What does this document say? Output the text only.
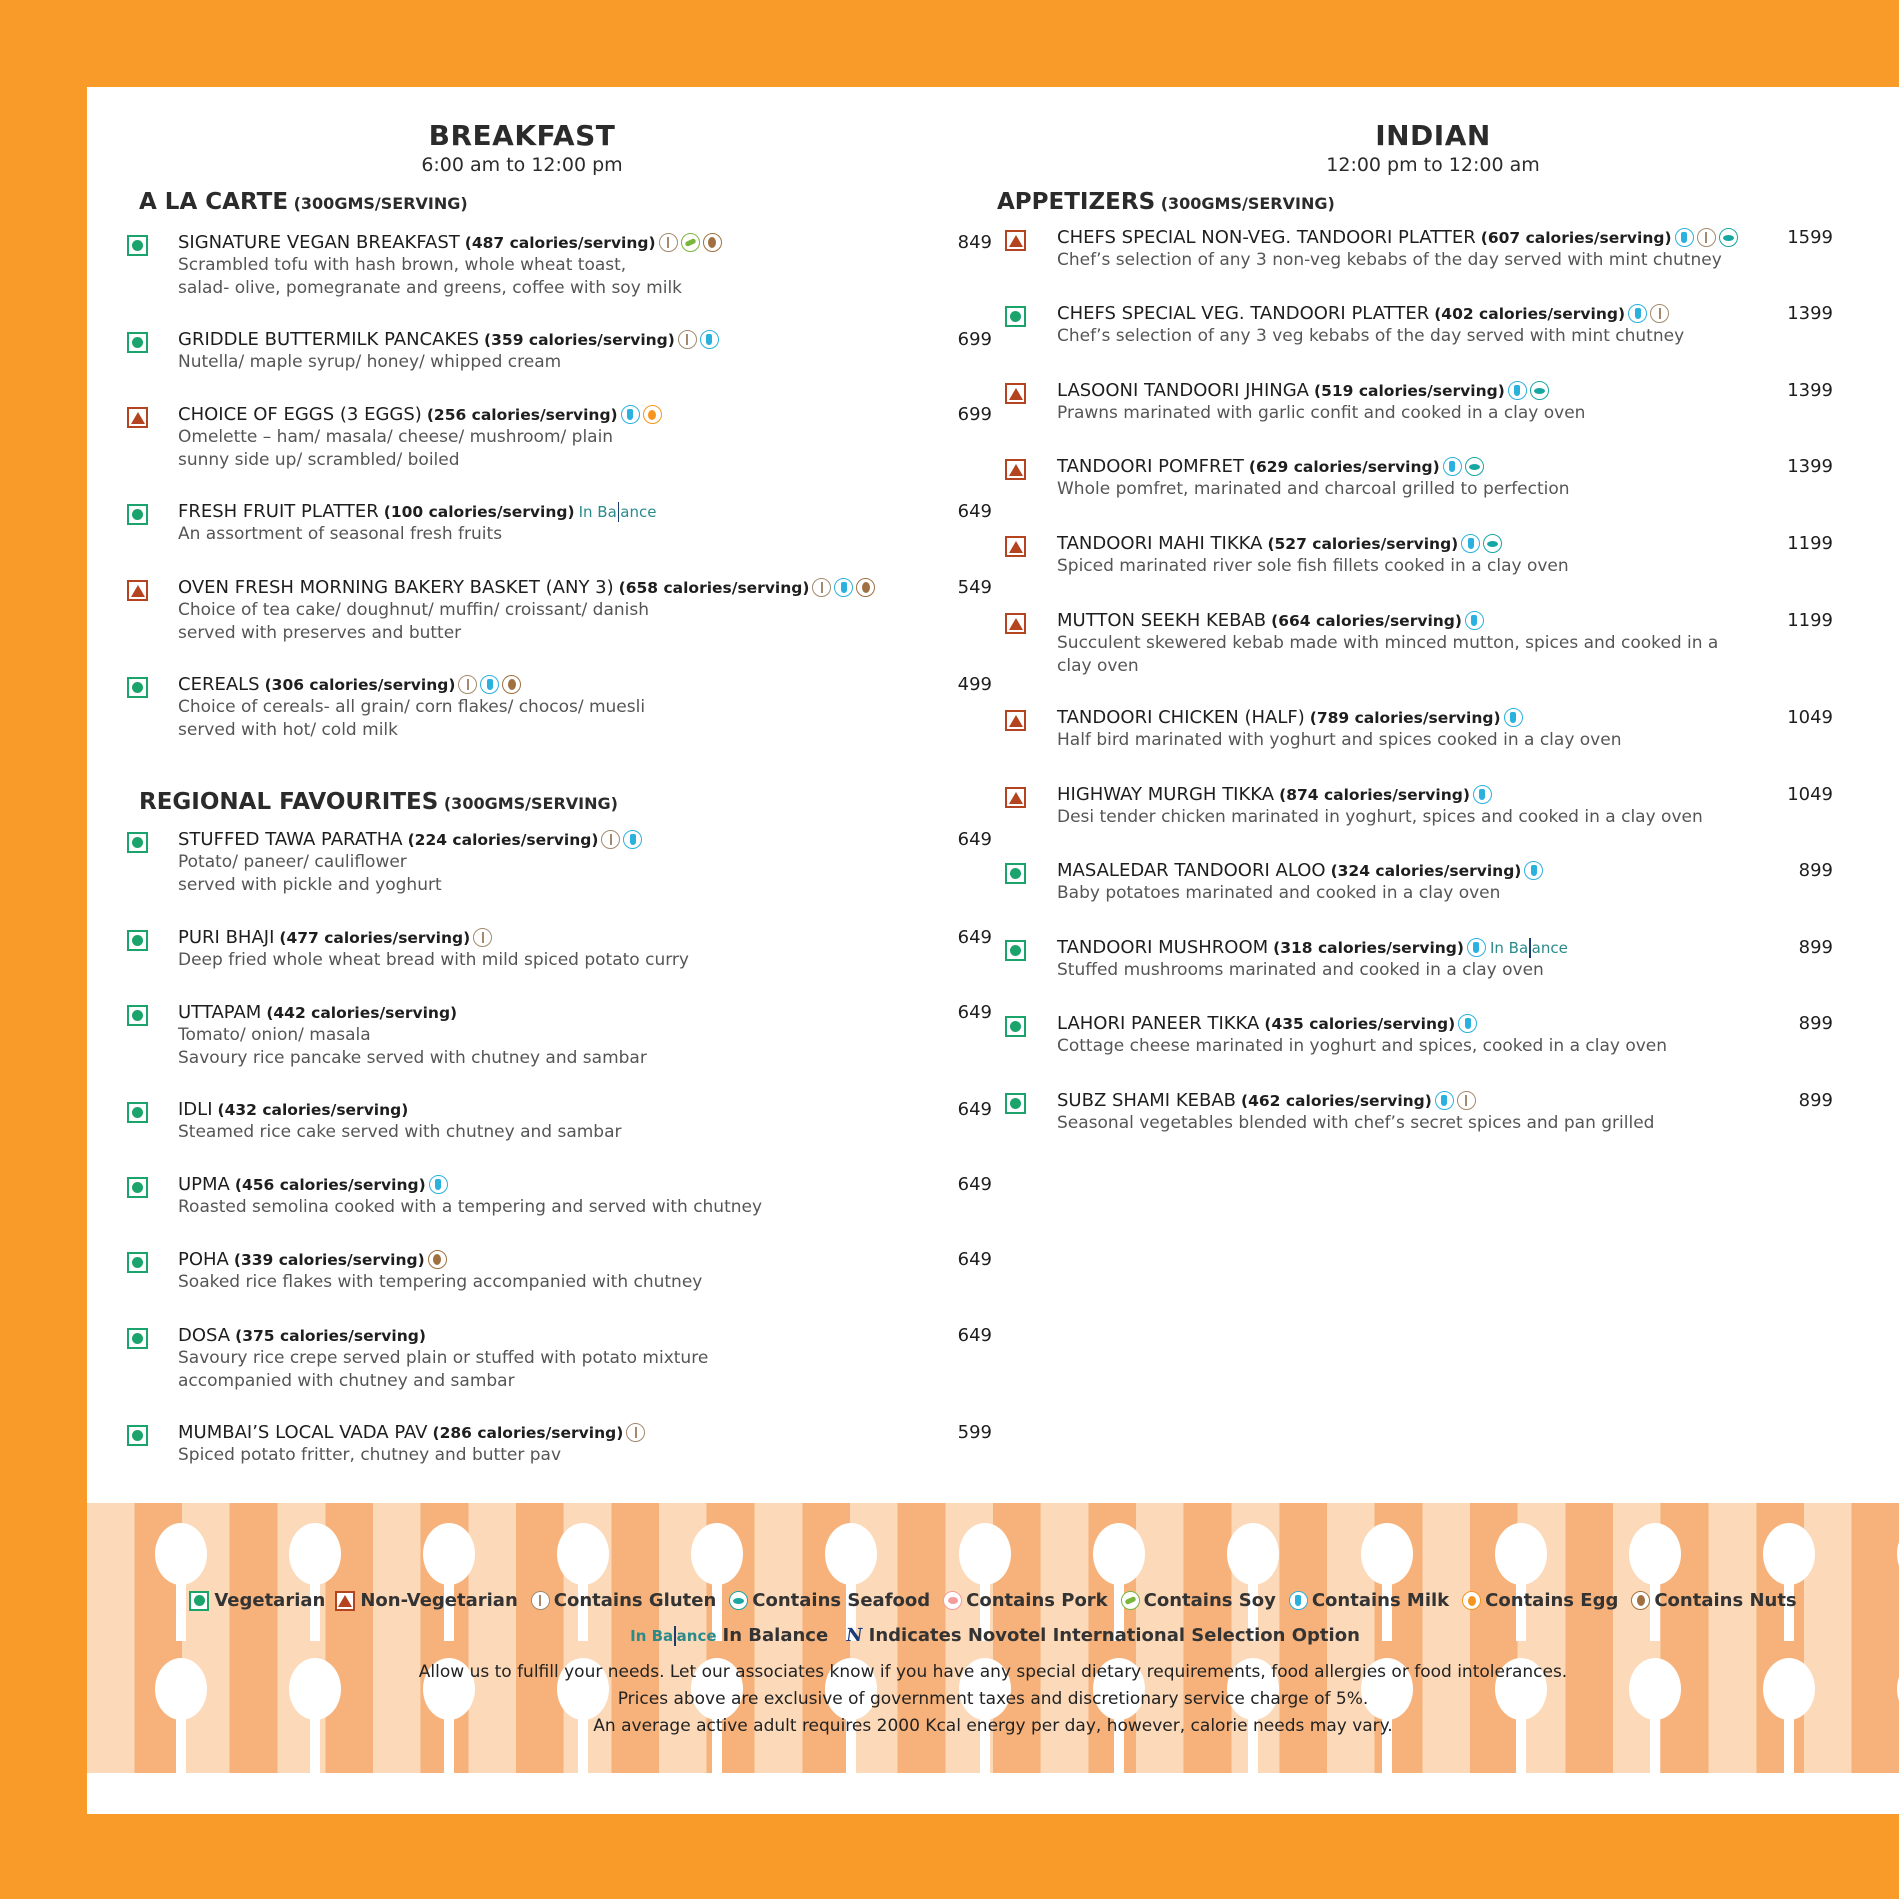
BREAKFAST
6:00 am to 12:00 pm
A LA CARTE (300GMS/SERVING)
SIGNATURE VEGAN BREAKFAST (487 calories/serving)
Scrambled tofu with hash brown, whole wheat toast,
salad- olive, pomegranate and greens, coffee with soy milk
849
GRIDDLE BUTTERMILK PANCAKES (359 calories/serving)
Nutella/ maple syrup/ honey/ whipped cream
699
CHOICE OF EGGS (3 EGGS) (256 calories/serving)
Omelette – ham/ masala/ cheese/ mushroom/ plain
sunny side up/ scrambled/ boiled
699
FRESH FRUIT PLATTER (100 calories/serving) In Ba ance
An assortment of seasonal fresh fruits
649
OVEN FRESH MORNING BAKERY BASKET (ANY 3) (658 calories/serving)
Choice of tea cake/ doughnut/ muffin/ croissant/ danish
served with preserves and butter
549
CEREALS (306 calories/serving)
Choice of cereals- all grain/ corn flakes/ chocos/ muesli
served with hot/ cold milk
499
REGIONAL FAVOURITES (300GMS/SERVING)
STUFFED TAWA PARATHA (224 calories/serving)
Potato/ paneer/ cauliflower
served with pickle and yoghurt
649
PURI BHAJI (477 calories/serving)
Deep fried whole wheat bread with mild spiced potato curry
649
UTTAPAM (442 calories/serving)
Tomato/ onion/ masala
Savoury rice pancake served with chutney and sambar
649
IDLI (432 calories/serving)
Steamed rice cake served with chutney and sambar
649
UPMA (456 calories/serving)
Roasted semolina cooked with a tempering and served with chutney
649
POHA (339 calories/serving)
Soaked rice flakes with tempering accompanied with chutney
649
DOSA (375 calories/serving)
Savoury rice crepe served plain or stuffed with potato mixture
accompanied with chutney and sambar
649
MUMBAI’S LOCAL VADA PAV (286 calories/serving)
Spiced potato fritter, chutney and butter pav
599
INDIAN
12:00 pm to 12:00 am
APPETIZERS (300GMS/SERVING)
CHEFS SPECIAL NON-VEG. TANDOORI PLATTER (607 calories/serving)
Chef’s selection of any 3 non-veg kebabs of the day served with mint chutney
1599
CHEFS SPECIAL VEG. TANDOORI PLATTER (402 calories/serving)
Chef’s selection of any 3 veg kebabs of the day served with mint chutney
1399
LASOONI TANDOORI JHINGA (519 calories/serving)
Prawns marinated with garlic confit and cooked in a clay oven
1399
TANDOORI POMFRET (629 calories/serving)
Whole pomfret, marinated and charcoal grilled to perfection
1399
TANDOORI MAHI TIKKA (527 calories/serving)
Spiced marinated river sole fish fillets cooked in a clay oven
1199
MUTTON SEEKH KEBAB (664 calories/serving)
Succulent skewered kebab made with minced mutton, spices and cooked in a
clay oven
1199
TANDOORI CHICKEN (HALF) (789 calories/serving)
Half bird marinated with yoghurt and spices cooked in a clay oven
1049
HIGHWAY MURGH TIKKA (874 calories/serving)
Desi tender chicken marinated in yoghurt, spices and cooked in a clay oven
1049
MASALEDAR TANDOORI ALOO (324 calories/serving)
Baby potatoes marinated and cooked in a clay oven
899
TANDOORI MUSHROOM (318 calories/serving) In Ba ance
Stuffed mushrooms marinated and cooked in a clay oven
899
LAHORI PANEER TIKKA (435 calories/serving)
Cottage cheese marinated in yoghurt and spices, cooked in a clay oven
899
SUBZ SHAMI KEBAB (462 calories/serving)
Seasonal vegetables blended with chef’s secret spices and pan grilled
899
Vegetarian Non-Vegetarian Contains Gluten Contains Seafood Contains Pork Contains Soy Contains Milk Contains Egg Contains Nuts
In Ba ance In Balance N Indicates Novotel International Selection Option
Allow us to fulfill your needs. Let our associates know if you have any special dietary requirements, food allergies or food intolerances.
Prices above are exclusive of government taxes and discretionary service charge of 5%.
An average active adult requires 2000 Kcal energy per day, however, calorie needs may vary.
